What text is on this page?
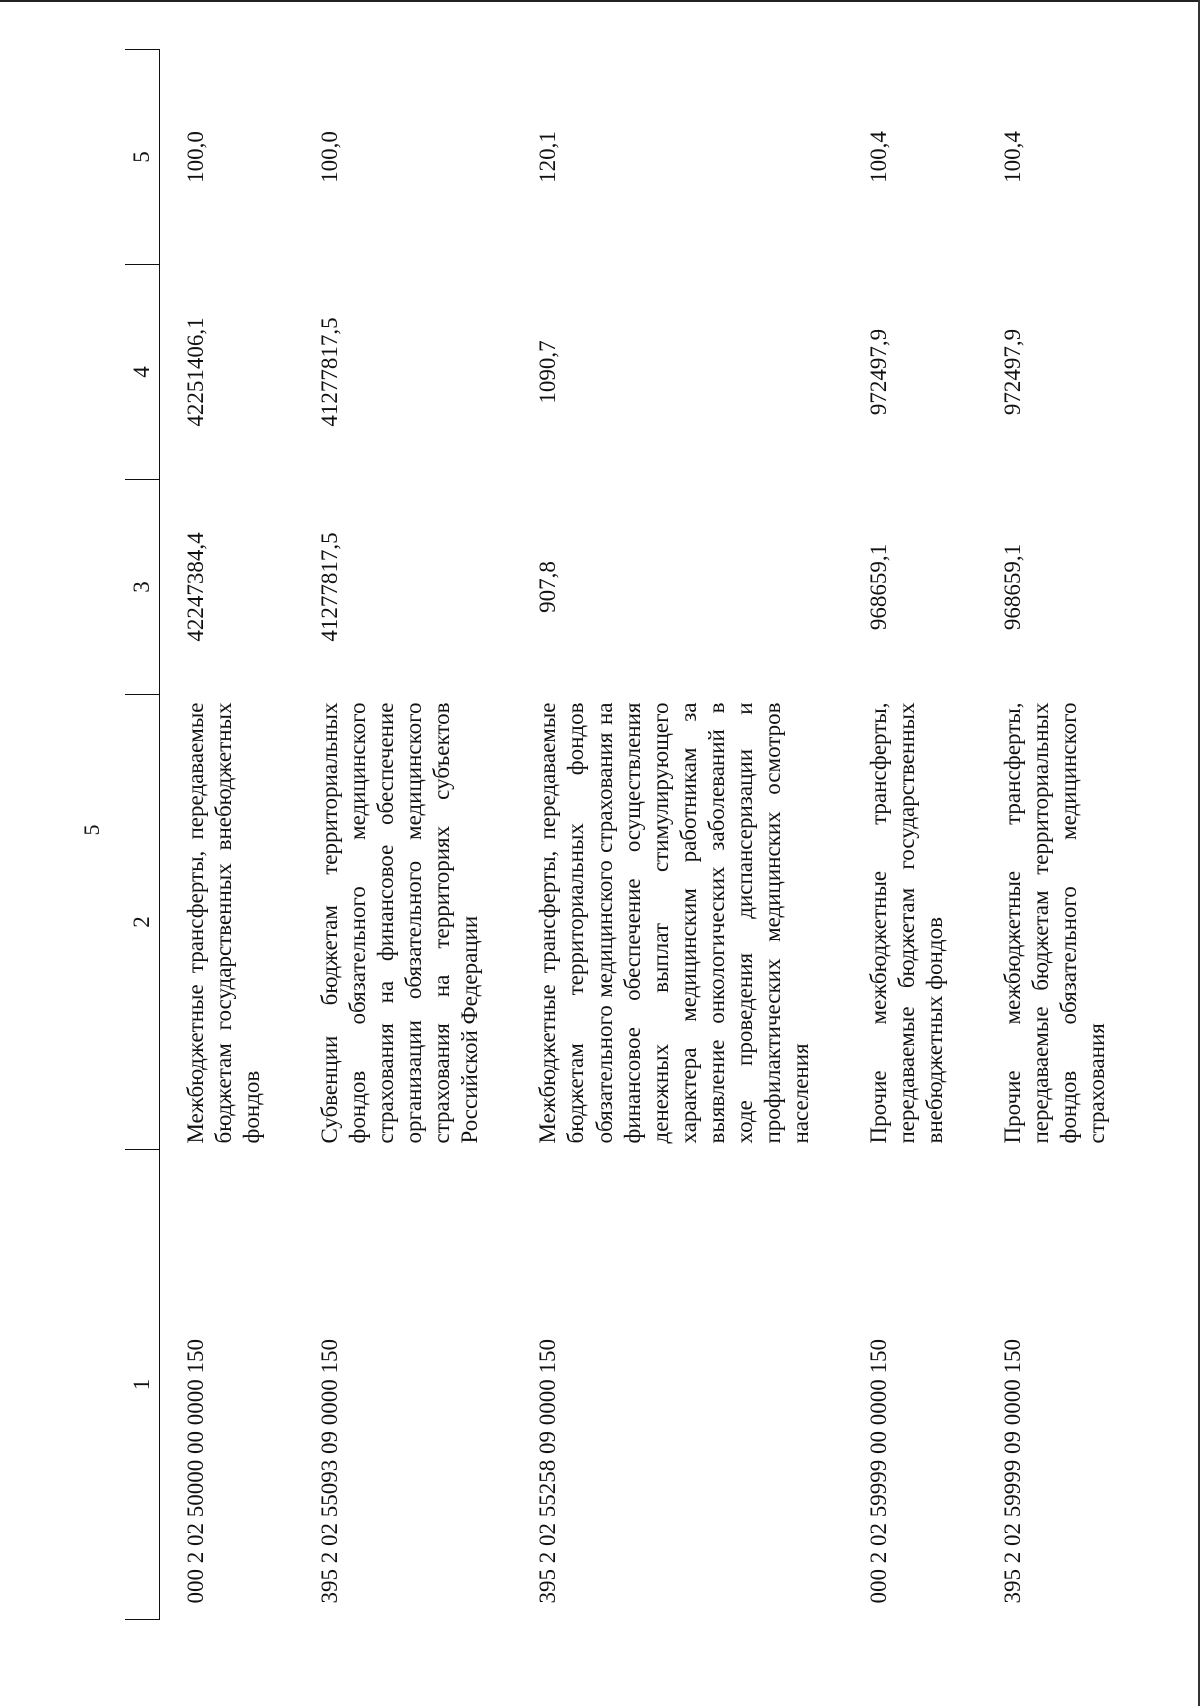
5
1	2	3	4	5
000 2 02 50000 00 0000 150	Межбюджетные трансферты, передаваемые бюджетам государственных внебюджетных фондов	42247384,4	42251406,1	100,0
395 2 02 55093 09 0000 150	Субвенции бюджетам территориальных фондов обязательного медицинского страхования на финансовое обеспечение организации обязательного медицинского страхования на территориях субъектов Российской Федерации	41277817,5	41277817,5	100,0
395 2 02 55258 09 0000 150	Межбюджетные трансферты, передаваемые бюджетам территориальных фондов обязательного медицинского страхования на финансовое обеспечение осуществления денежных выплат стимулирующего характера медицинским работникам за выявление онкологических заболеваний в ходе проведения диспансеризации и профилактических медицинских осмотров населения	907,8	1090,7	120,1
000 2 02 59999 00 0000 150	Прочие межбюджетные трансферты, передаваемые бюджетам государственных внебюджетных фондов	968659,1	972497,9	100,4
395 2 02 59999 09 0000 150	Прочие межбюджетные трансферты, передаваемые бюджетам территориальных фондов обязательного медицинского страхования	968659,1	972497,9	100,4
